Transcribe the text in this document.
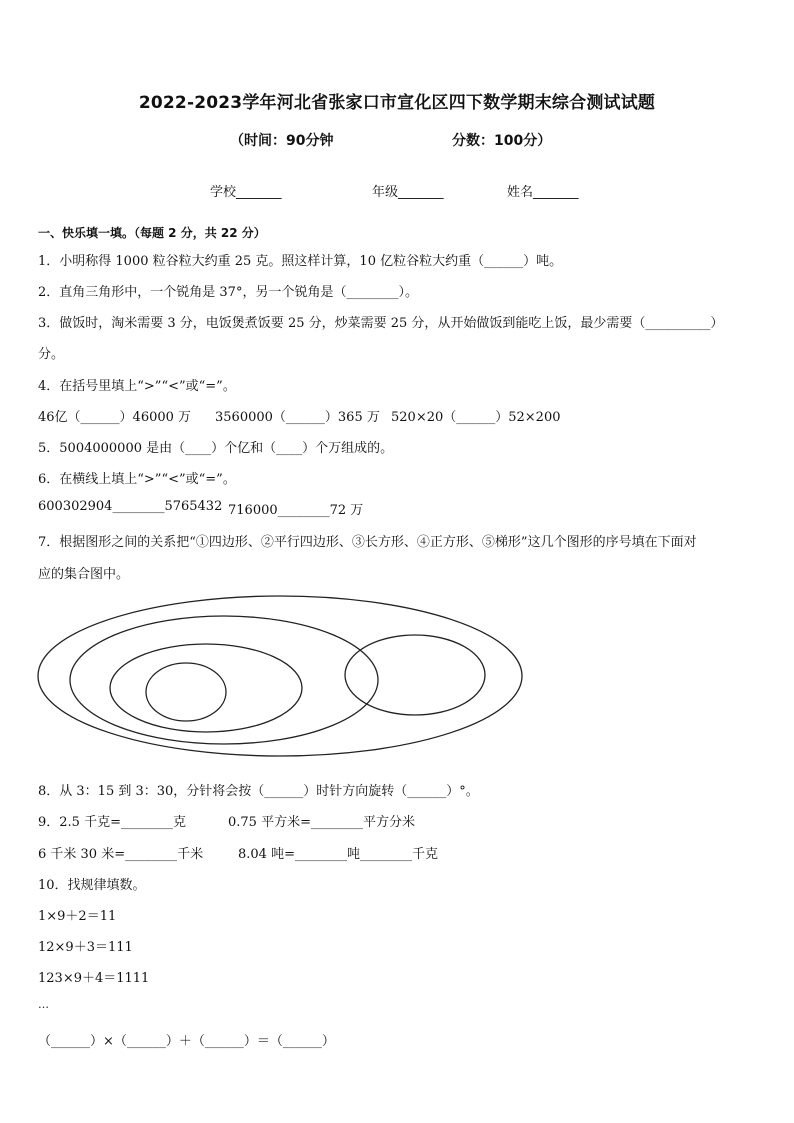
2022-2023学年河北省张家口市宣化区四下数学期末综合测试试题
（时间：90分钟	分数：100分）
学校_______	年级_______	姓名_______
一、快乐填一填。（每题 2 分，共 22 分）
1．小明称得 1000 粒谷粒大约重 25 克。照这样计算，10 亿粒谷粒大约重（______）吨。
2．直角三角形中，一个锐角是 37°，另一个锐角是（________）。
3．做饭时，淘米需要 3 分，电饭煲煮饭要 25 分，炒菜需要 25 分，从开始做饭到能吃上饭，最少需要（__________）
分。
4．在括号里填上“>”“<”或“=”。
46亿（______）46000 万 3560000（______）365 万 520×20（______）52×200
5．5004000000 是由（____）个亿和（____）个万组成的。
6．在横线上填上“>”“<”或“=”。
600302904________5765432 716000________72 万
7．根据图形之间的关系把“①四边形、②平行四边形、③长方形、④正方形、⑤梯形”这几个图形的序号填在下面对
应的集合图中。
8．从 3：15 到 3：30，分针将会按（______）时针方向旋转（______）°。
9．2.5 千克=________克	0.75 平方米=________平方分米
6 千米 30 米=________千米	8.04 吨=________吨________千克
10．找规律填数。
1×9＋2＝11
12×9＋3＝111
123×9＋4＝1111
…
（______）×（______）＋（______）＝（______）
